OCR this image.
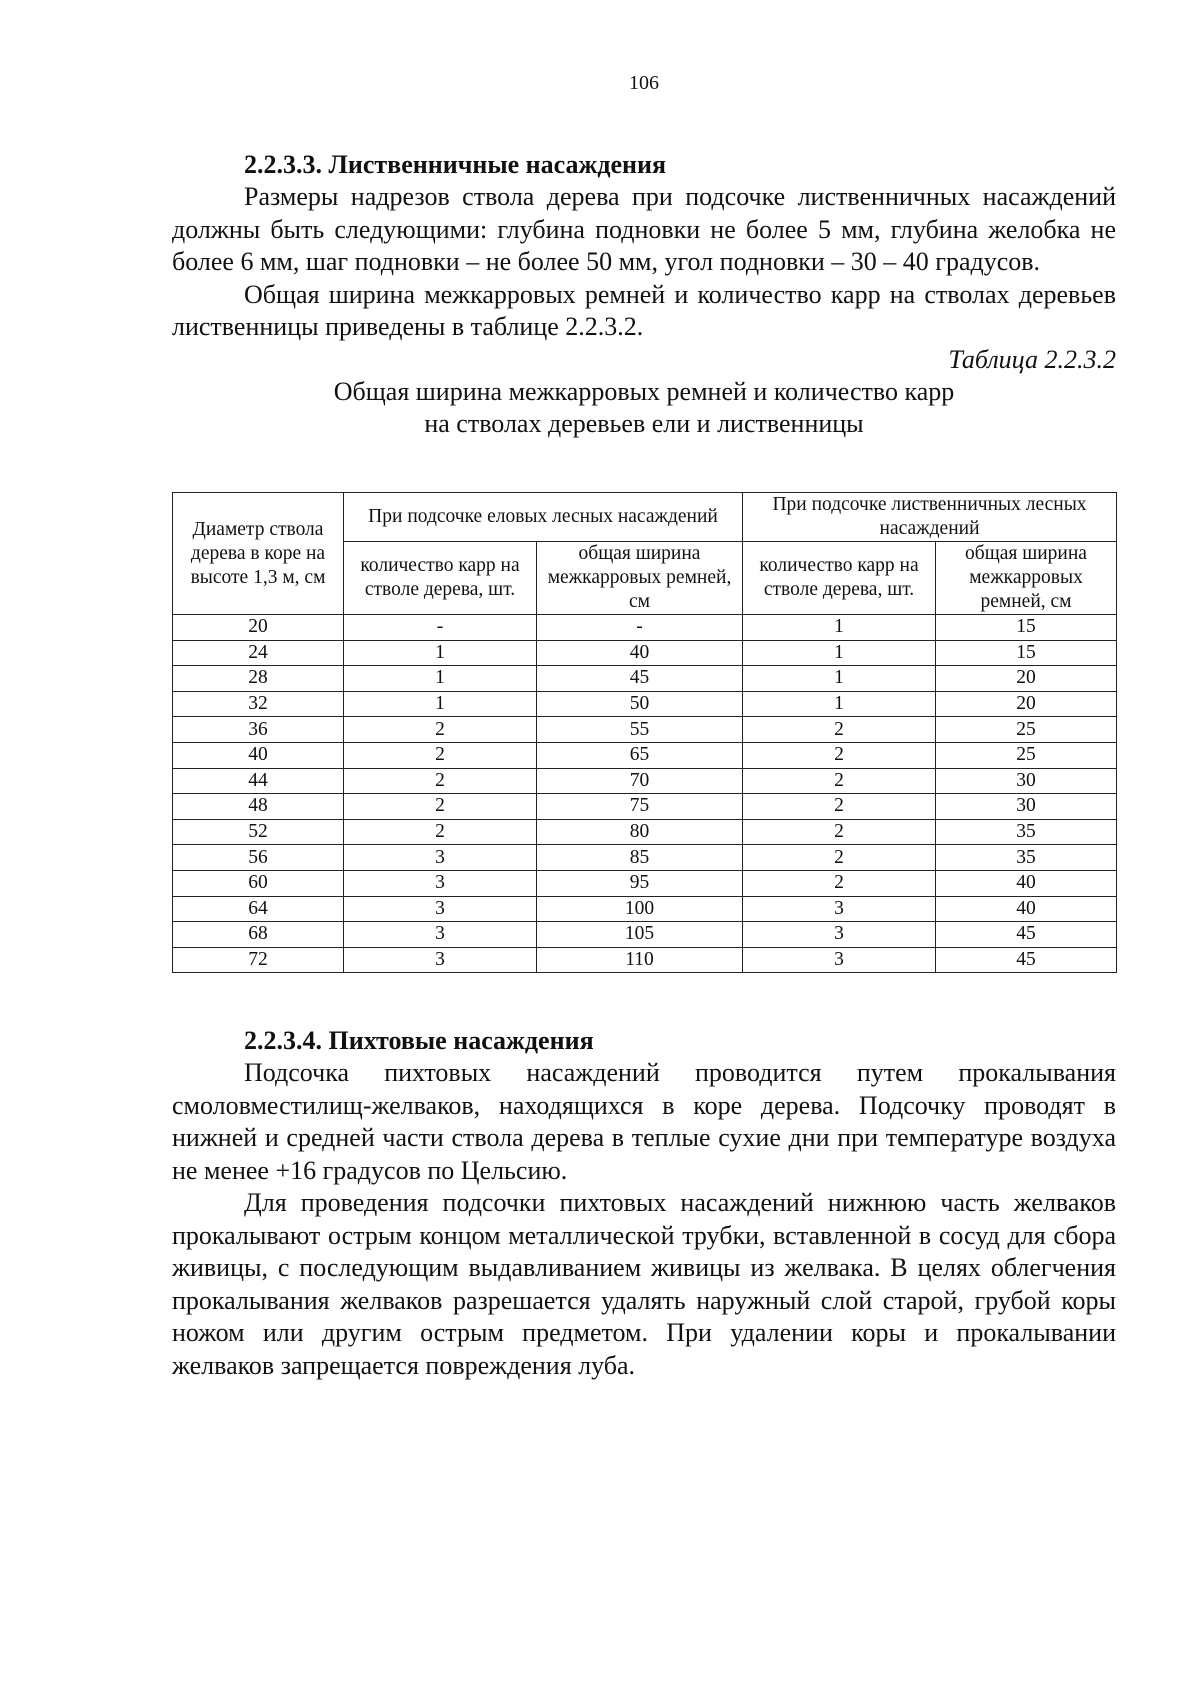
106
2.2.3.3. Лиственничные насаждения

Размеры надрезов ствола дерева при подсочке лиственничных насаждений должны быть следующими: глубина подновки не более 5 мм, глубина желобка не более 6 мм, шаг подновки – не более 50 мм, угол подновки – 30 – 40 градусов.

Общая ширина межкарровых ремней и количество карр на стволах деревьев лиственницы приведены в таблице 2.2.3.2.

Таблица 2.2.3.2

Общая ширина межкарровых ремней и количество карр

на стволах деревьев ели и лиственницы

Диаметр ствола дерева в коре на высоте 1,3 м, см	При подсочке еловых лесных насаждений		При подсочке лиственничных лесных насаждений	
	количество карр на стволе дерева, шт.	общая ширина межкарровых ремней, см	количество карр на стволе дерева, шт.	общая ширина межкарровых ремней, см
20	-	-	1	15
24	1	40	1	15
28	1	45	1	20
32	1	50	1	20
36	2	55	2	25
40	2	65	2	25
44	2	70	2	30
48	2	75	2	30
52	2	80	2	35
56	3	85	2	35
60	3	95	2	40
64	3	100	3	40
68	3	105	3	45
72	3	110	3	45
2.2.3.4. Пихтовые насаждения

Подсочка пихтовых насаждений проводится путем прокалывания смоловместилищ-желваков, находящихся в коре дерева. Подсочку проводят в нижней и средней части ствола дерева в теплые сухие дни при температуре воздуха не менее +16 градусов по Цельсию.

Для проведения подсочки пихтовых насаждений нижнюю часть желваков прокалывают острым концом металлической трубки, вставленной в сосуд для сбора живицы, с последующим выдавливанием живицы из желвака. В целях облегчения прокалывания желваков разрешается удалять наружный слой старой, грубой коры ножом или другим острым предметом. При удалении коры и прокалывании желваков запрещается повреждения луба.
